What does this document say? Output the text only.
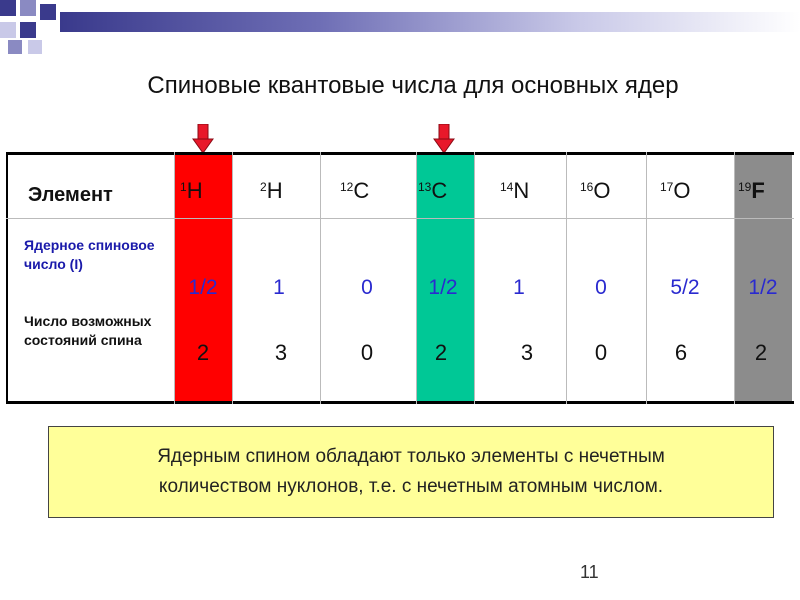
Спиновые квантовые числа для основных ядер
Элемент
Ядерное спиновое число (I)
Число возможных состояний спина
$^1$H
1/2
2
$^2$H
1
3
$^{12}$C
0
0
$^{13}$C
1/2
2
$^{14}$N
1
3
$^{16}$O
0
0
$^{17}$O
5/2
6
$^{19}$F
1/2
2
Ядерным спином обладают только элементы с нечетным
количеством нуклонов, т.е. с нечетным атомным числом.
11
